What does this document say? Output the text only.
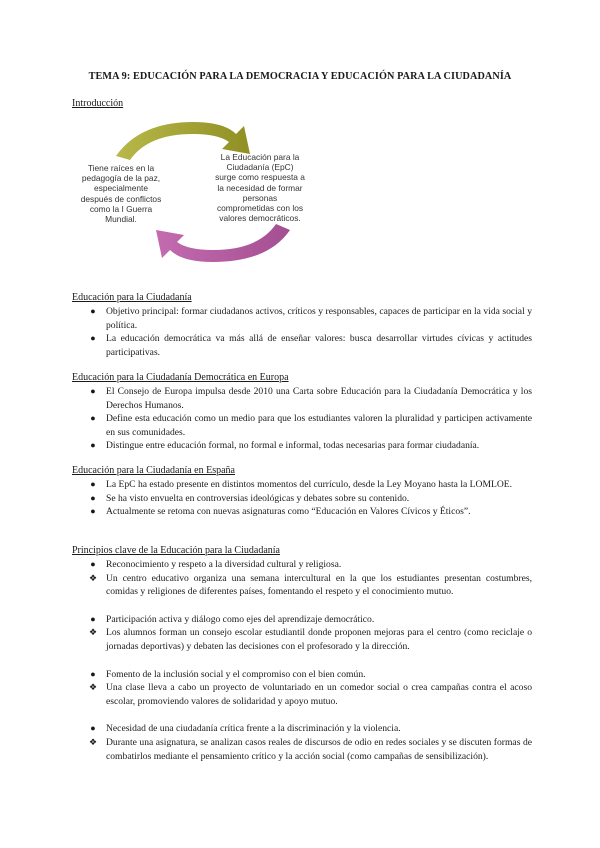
TEMA 9: EDUCACIÓN PARA LA DEMOCRACIA Y EDUCACIÓN PARA LA CIUDADANÍA
Introducción
Tiene raíces en la pedagogía de la paz, especialmente después de conflictos como la I Guerra Mundial.
La Educación para la Ciudadanía (EpC) surge como respuesta a la necesidad de formar personas comprometidas con los valores democráticos.
Educación para la Ciudadanía
●	Objetivo principal: formar ciudadanos activos, críticos y responsables, capaces de participar en la vida social y política.
●	La educación democrática va más allá de enseñar valores: busca desarrollar virtudes cívicas y actitudes participativas.
Educación para la Ciudadanía Democrática en Europa
●	El Consejo de Europa impulsa desde 2010 una Carta sobre Educación para la Ciudadanía Democrática y los Derechos Humanos.
●	Define esta educación como un medio para que los estudiantes valoren la pluralidad y participen activamente en sus comunidades.
●	Distingue entre educación formal, no formal e informal, todas necesarias para formar ciudadanía.
Educación para la Ciudadanía en España
●	La EpC ha estado presente en distintos momentos del currículo, desde la Ley Moyano hasta la LOMLOE.
●	Se ha visto envuelta en controversias ideológicas y debates sobre su contenido.
●	Actualmente se retoma con nuevas asignaturas como “Educación en Valores Cívicos y Éticos”.
Principios clave de la Educación para la Ciudadanía
●	Reconocimiento y respeto a la diversidad cultural y religiosa.
❖ Un centro educativo organiza una semana intercultural en la que los estudiantes presentan costumbres, comidas y religiones de diferentes países, fomentando el respeto y el conocimiento mutuo.
●	Participación activa y diálogo como ejes del aprendizaje democrático.
❖ Los alumnos forman un consejo escolar estudiantil donde proponen mejoras para el centro (como reciclaje o jornadas deportivas) y debaten las decisiones con el profesorado y la dirección.
●	Fomento de la inclusión social y el compromiso con el bien común.
❖ Una clase lleva a cabo un proyecto de voluntariado en un comedor social o crea campañas contra el acoso escolar, promoviendo valores de solidaridad y apoyo mutuo.
●	Necesidad de una ciudadanía crítica frente a la discriminación y la violencia.
❖ Durante una asignatura, se analizan casos reales de discursos de odio en redes sociales y se discuten formas de combatirlos mediante el pensamiento crítico y la acción social (como campañas de sensibilización).
